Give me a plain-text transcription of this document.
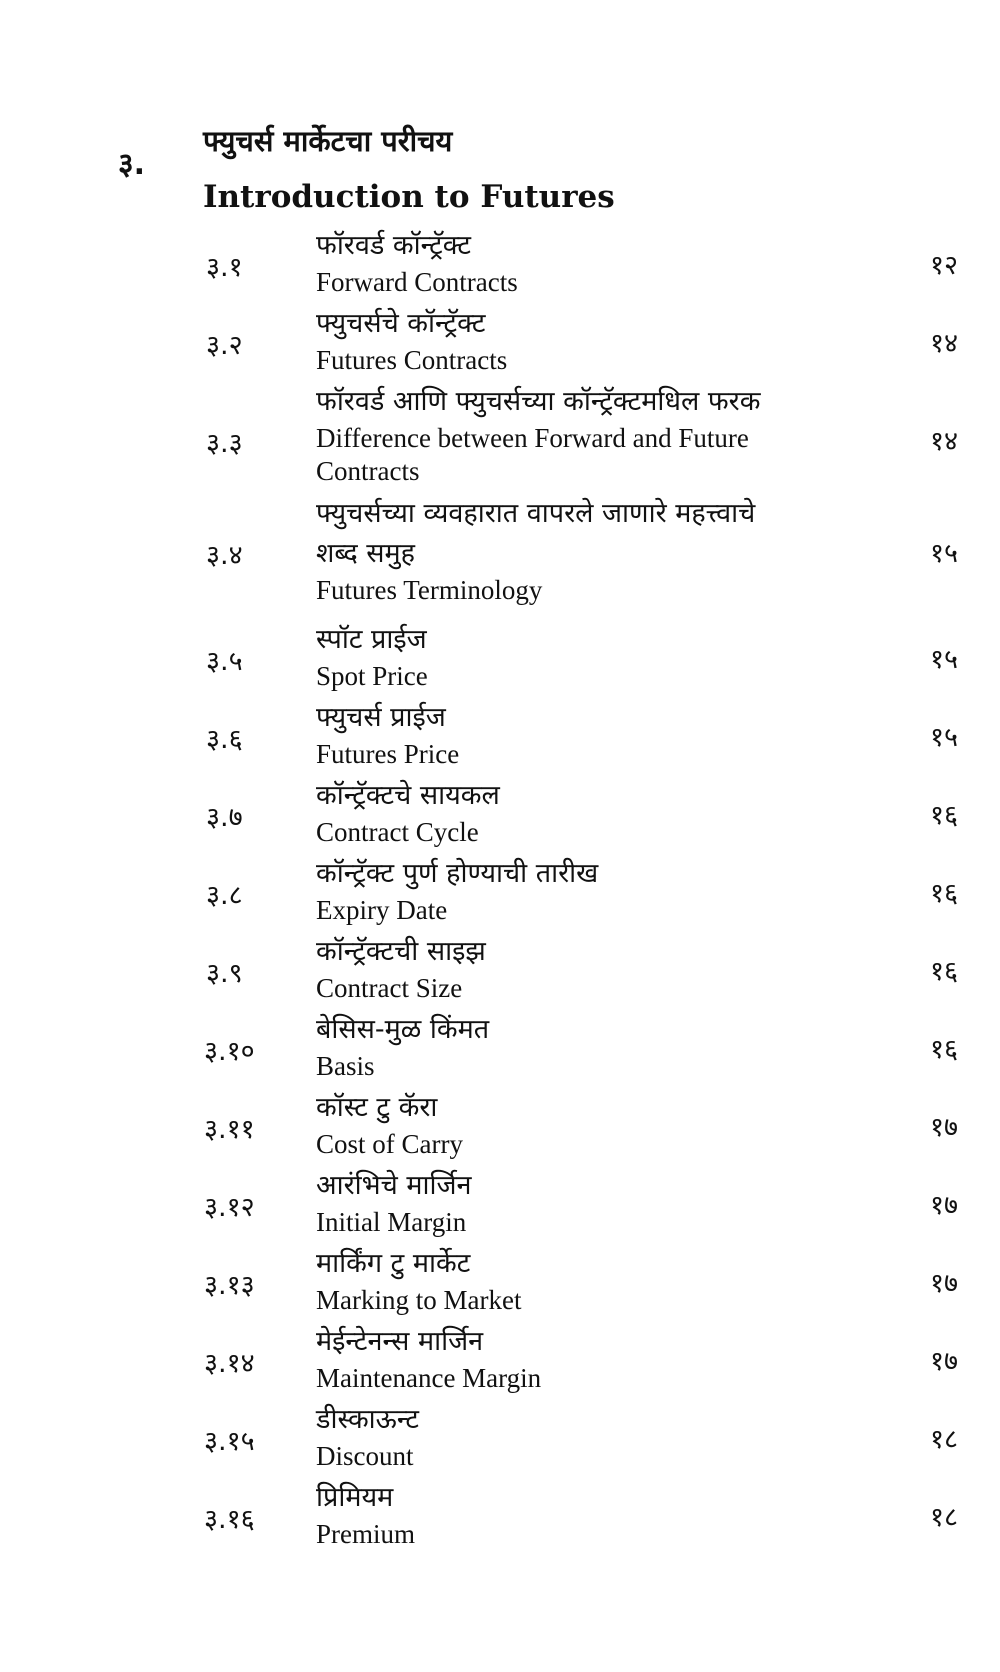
३.
फ्युचर्स मार्केटचा परीचय
Introduction to Futures
३.१

फॉरवर्ड कॉन्ट्रॅक्ट

Forward Contracts

१२
३.२

फ्युचर्सचे कॉन्ट्रॅक्ट

Futures Contracts

१४
३.३

फॉरवर्ड आणि फ्युचर्सच्या कॉन्ट्रॅक्टमधिल फरक

Difference between Forward and Future

Contracts

१४
३.४

फ्युचर्सच्या व्यवहारात वापरले जाणारे महत्त्वाचे

शब्द समुह

Futures Terminology

१५
३.५

स्पॉट प्राईज

Spot Price

१५
३.६

फ्युचर्स प्राईज

Futures Price

१५
३.७

कॉन्ट्रॅक्टचे सायकल

Contract Cycle

१६
३.८

कॉन्ट्रॅक्ट पुर्ण होण्याची तारीख

Expiry Date

१६
३.९

कॉन्ट्रॅक्टची साइझ

Contract Size

१६
३.१०

बेसिस-मुळ किंमत

Basis

१६
३.११

कॉस्ट टु कॅरा

Cost of Carry

१७
३.१२

आरंभिचे मार्जिन

Initial Margin

१७
३.१३

मार्किंग टु मार्केट

Marking to Market

१७
३.१४

मेईन्टेनन्स मार्जिन

Maintenance Margin

१७
३.१५

डीस्काऊन्ट

Discount

१८
३.१६

प्रिमियम

Premium

१८
